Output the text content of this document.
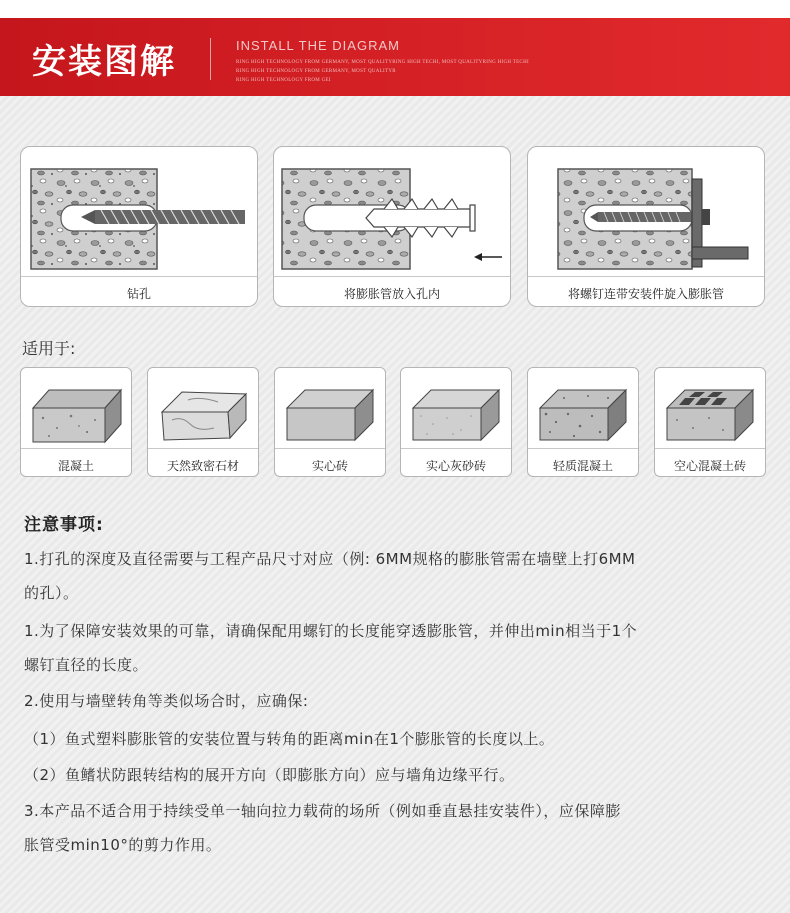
安装图解	INSTALL THE DIAGRAM
RING HIGH TECHNOLOGY FROM GERMANY, MOST QUALITYRING HIGH TECHI, MOST QUALITYRING HIGH TECHI
RING HIGH TECHNOLOGY FROM GERMANY, MOST QUALITYR
RING HIGH TECHNOLOGY FROM GEI
钻孔	将膨胀管放入孔内	将螺钉连带安装件旋入膨胀管
适用于:
混凝土	天然致密石材	实心砖	实心灰砂砖	轻质混凝土	空心混凝土砖
注意事项:
1.打孔的深度及直径需要与工程产品尺寸对应（例: 6MM规格的膨胀管需在墙壁上打6MM
的孔）。
1.为了保障安装效果的可靠，请确保配用螺钉的长度能穿透膨胀管，并伸出min相当于1个
螺钉直径的长度。
2.使用与墙壁转角等类似场合时，应确保:
（1）鱼式塑料膨胀管的安装位置与转角的距离min在1个膨胀管的长度以上。
（2）鱼鳍状防跟转结构的展开方向（即膨胀方向）应与墙角边缘平行。
3.本产品不适合用于持续受单一轴向拉力载荷的场所（例如垂直悬挂安装件），应保障膨
胀管受min10°的剪力作用。
